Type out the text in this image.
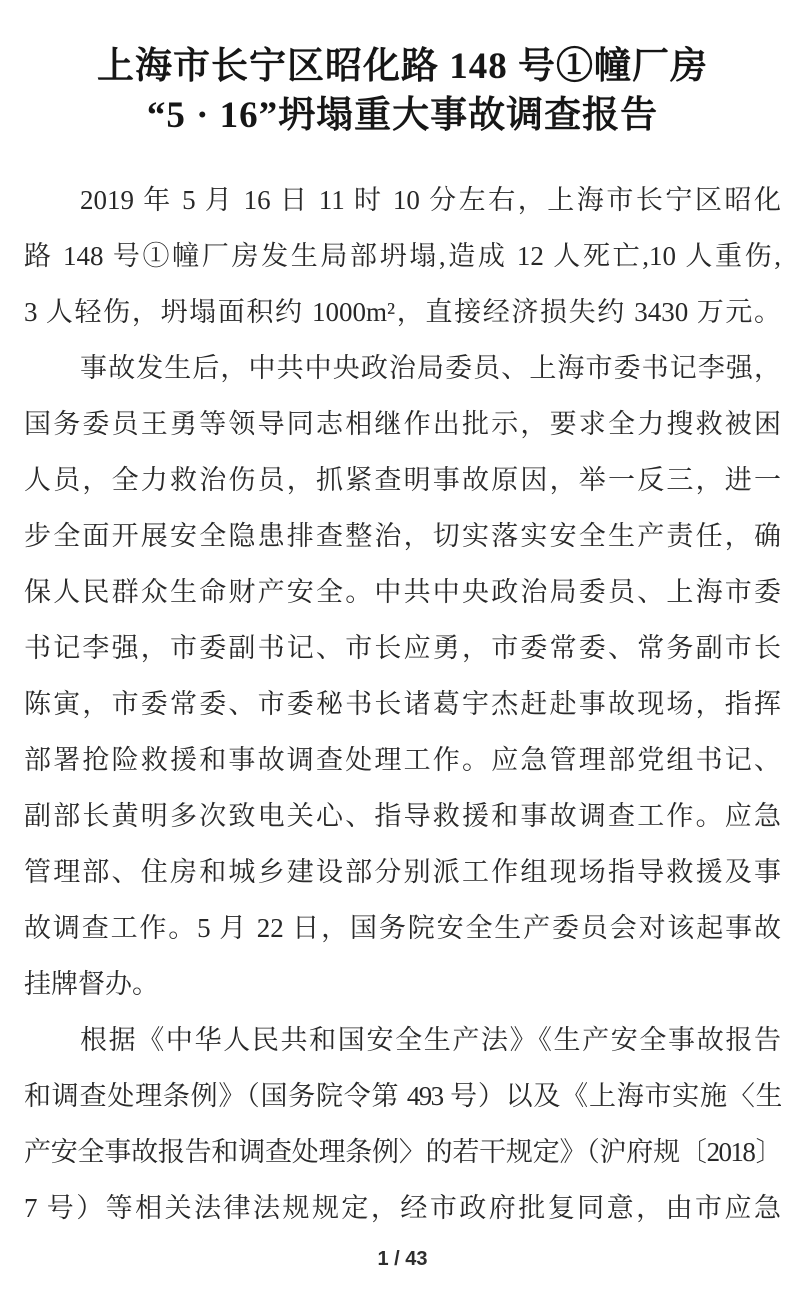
上海市长宁区昭化路 148 号①幢厂房
“5 · 16”坍塌重大事故调查报告
2019 年 5 月 16 日 11 时 10 分左右，上海市长宁区昭化
路 148 号①幢厂房发生局部坍塌,造成 12 人死亡,10 人重伤,
3 人轻伤，坍塌面积约 1000m²，直接经济损失约 3430 万元。
事故发生后，中共中央政治局委员、上海市委书记李强，
国务委员王勇等领导同志相继作出批示，要求全力搜救被困
人员，全力救治伤员，抓紧查明事故原因，举一反三，进一
步全面开展安全隐患排查整治，切实落实安全生产责任，确
保人民群众生命财产安全。中共中央政治局委员、上海市委
书记李强，市委副书记、市长应勇，市委常委、常务副市长
陈寅，市委常委、市委秘书长诸葛宇杰赶赴事故现场，指挥
部署抢险救援和事故调查处理工作。应急管理部党组书记、
副部长黄明多次致电关心、指导救援和事故调查工作。应急
管理部、住房和城乡建设部分别派工作组现场指导救援及事
故调查工作。5 月 22 日，国务院安全生产委员会对该起事故
挂牌督办。
根据《中华人民共和国安全生产法》《生产安全事故报告
和调查处理条例》（国务院令第 493 号）以及《上海市实施〈生
产安全事故报告和调查处理条例〉的若干规定》（沪府规〔2018〕
7 号）等相关法律法规规定，经市政府批复同意，由市应急
1 / 43
